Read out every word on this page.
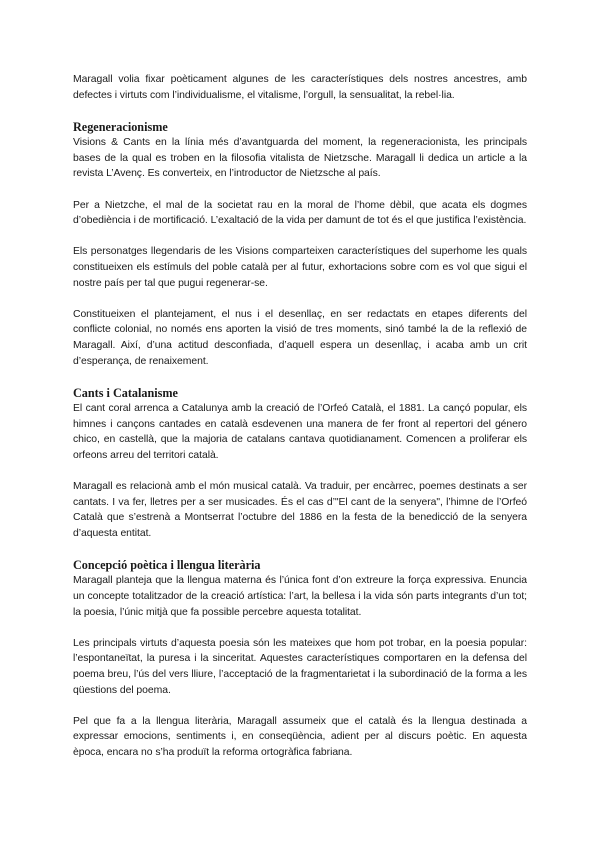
Maragall volia fixar poèticament algunes de les característiques dels nostres ancestres, amb defectes i virtuts com l’individualisme, el vitalisme, l’orgull, la sensualitat, la rebel·lia.

Regeneracionisme

Visions & Cants en la línia més d’avantguarda del moment, la regeneracionista, les principals bases de la qual es troben en la filosofia vitalista de Nietzsche. Maragall li dedica un article a la revista L’Avenç. Es converteix, en l’introductor de Nietzsche al país.

Per a Nietzche, el mal de la societat rau en la moral de l’home dèbil, que acata els dogmes d’obediència i de mortificació. L’exaltació de la vida per damunt de tot és el que justifica l’existència.

Els personatges llegendaris de les Visions comparteixen característiques del superhome les quals constitueixen els estímuls del poble català per al futur, exhortacions sobre com es vol que sigui el nostre país per tal que pugui regenerar-se.

Constitueixen el plantejament, el nus i el desenllaç, en ser redactats en etapes diferents del conflicte colonial, no només ens aporten la visió de tres moments, sinó també la de la reflexió de Maragall. Així, d’una actitud desconfiada, d’aquell espera un desenllaç, i acaba amb un crit d’esperança, de renaixement.

Cants i Catalanisme

El cant coral arrenca a Catalunya amb la creació de l’Orfeó Català, el 1881. La cançó popular, els himnes i cançons cantades en català esdevenen una manera de fer front al repertori del género chico, en castellà, que la majoria de catalans cantava quotidianament. Comencen a proliferar els orfeons arreu del territori català.

Maragall es relacionà amb el món musical català. Va traduir, per encàrrec, poemes destinats a ser cantats. I va fer, lletres per a ser musicades. És el cas d’"El cant de la senyera", l’himne de l’Orfeó Català que s’estrenà a Montserrat l’octubre del 1886 en la festa de la benedicció de la senyera d’aquesta entitat.

Concepció poètica i llengua literària

Maragall planteja que la llengua materna és l’única font d’on extreure la força expressiva. Enuncia un concepte totalitzador de la creació artística: l’art, la bellesa i la vida són parts integrants d’un tot; la poesia, l’únic mitjà que fa possible percebre aquesta totalitat.

Les principals virtuts d’aquesta poesia són les mateixes que hom pot trobar, en la poesia popular: l’espontaneïtat, la puresa i la sinceritat. Aquestes característiques comportaren en la defensa del poema breu, l’ús del vers lliure, l’acceptació de la fragmentarietat i la subordinació de la forma a les qüestions del poema.

Pel que fa a la llengua literària, Maragall assumeix que el català és la llengua destinada a expressar emocions, sentiments i, en conseqüència, adient per al discurs poètic. En aquesta època, encara no s’ha produït la reforma ortogràfica fabriana.
